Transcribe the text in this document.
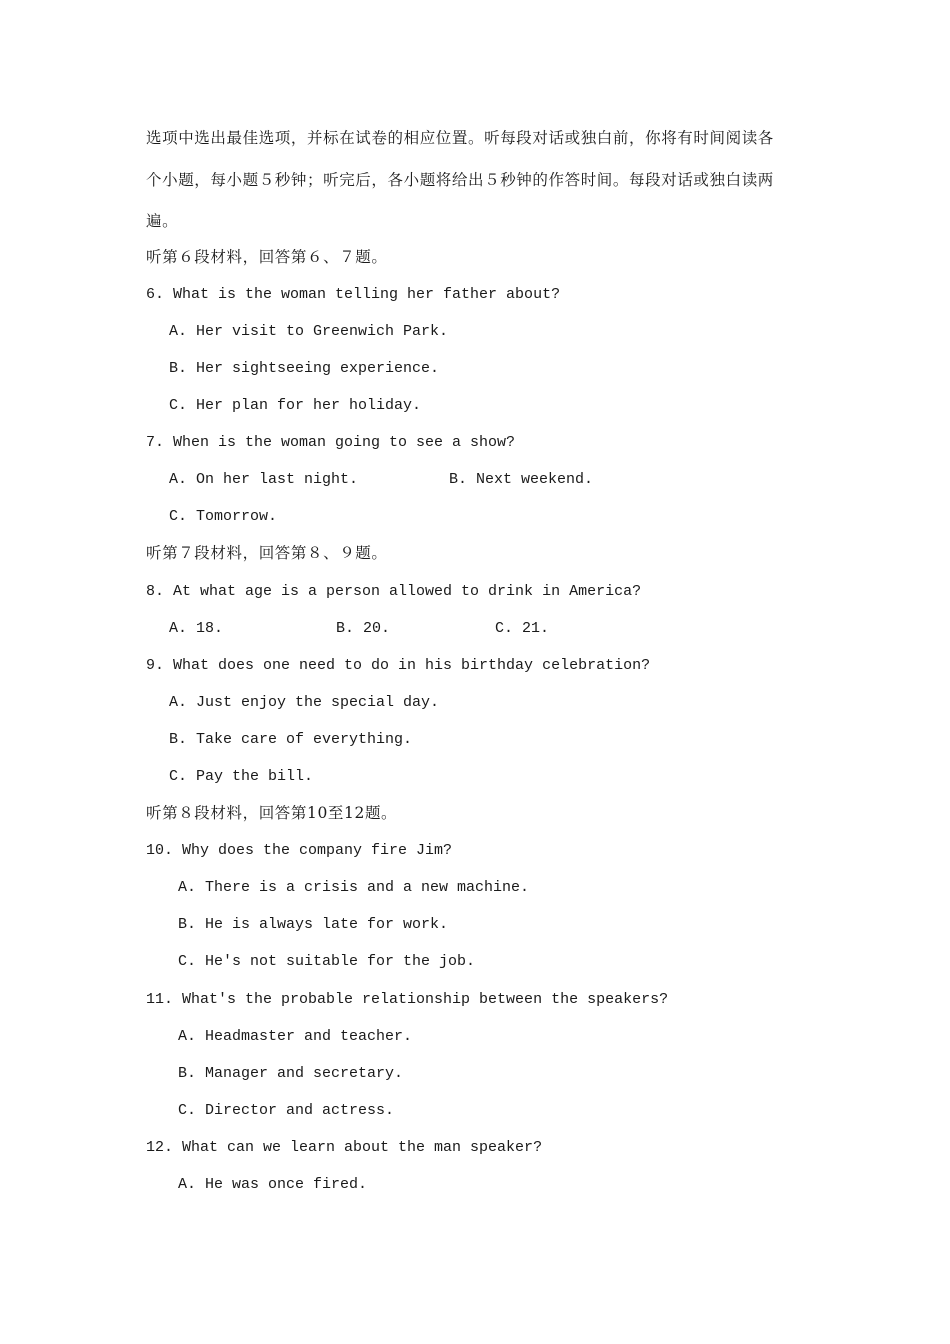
选项中选出最佳选项，并标在试卷的相应位置。听每段对话或独白前，你将有时间阅读各
个小题，每小题５秒钟；听完后，各小题将给出５秒钟的作答时间。每段对话或独白读两
遍。
听第６段材料，回答第６、７题。
6. What is the woman telling her father about?
A. Her visit to Greenwich Park.
B. Her sightseeing experience.
C. Her plan for her holiday.
7. When is the woman going to see a show?
A. On her last night.	B. Next weekend.
C. Tomorrow.
听第７段材料，回答第８、９题。
8. At what age is a person allowed to drink in America?
A. 18.	B. 20.	C. 21.
9. What does one need to do in his birthday celebration?
A. Just enjoy the special day.
B. Take care of everything.
C. Pay the bill.
听第８段材料，回答第10至12题。
10. Why does the company fire Jim?
A. There is a crisis and a new machine.
B. He is always late for work.
C. He's not suitable for the job.
11. What's the probable relationship between the speakers?
A. Headmaster and teacher.
B. Manager and secretary.
C. Director and actress.
12. What can we learn about the man speaker?
A. He was once fired.
